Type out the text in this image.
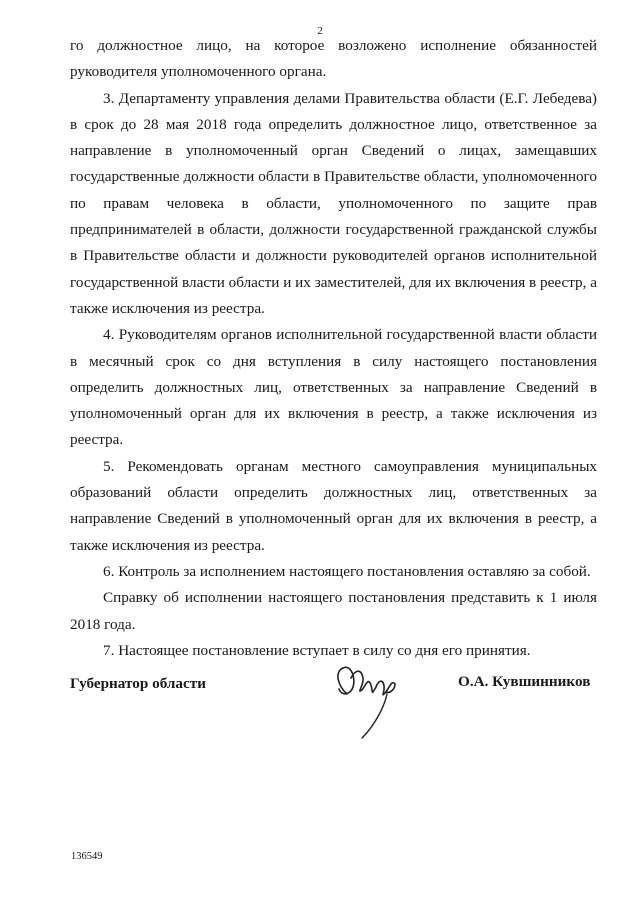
2

го должностное лицо, на которое возложено исполнение обязанностей руководителя уполномоченного органа.

3. Департаменту управления делами Правительства области (Е.Г. Лебедева) в срок до 28 мая 2018 года определить должностное лицо, ответственное за направление в уполномоченный орган Сведений о лицах, замещавших государственные должности области в Правительстве области, уполномоченного по правам человека в области, уполномоченного по защите прав предпринимателей в области, должности государственной гражданской службы в Правительстве области и должности руководителей органов исполнительной государственной власти области и их заместителей, для их включения в реестр, а также исключения из реестра.

4. Руководителям органов исполнительной государственной власти области в месячный срок со дня вступления в силу настоящего постановления определить должностных лиц, ответственных за направление Сведений в уполномоченный орган для их включения в реестр, а также исключения из реестра.

5. Рекомендовать органам местного самоуправления муниципальных образований области определить должностных лиц, ответственных за направление Сведений в уполномоченный орган для их включения в реестр, а также исключения из реестра.

6. Контроль за исполнением настоящего постановления оставляю за собой.

Справку об исполнении настоящего постановления представить к 1 июля 2018 года.

7. Настоящее постановление вступает в силу со дня его принятия.

Губернатор области	О.А. Кувшинников
136549
